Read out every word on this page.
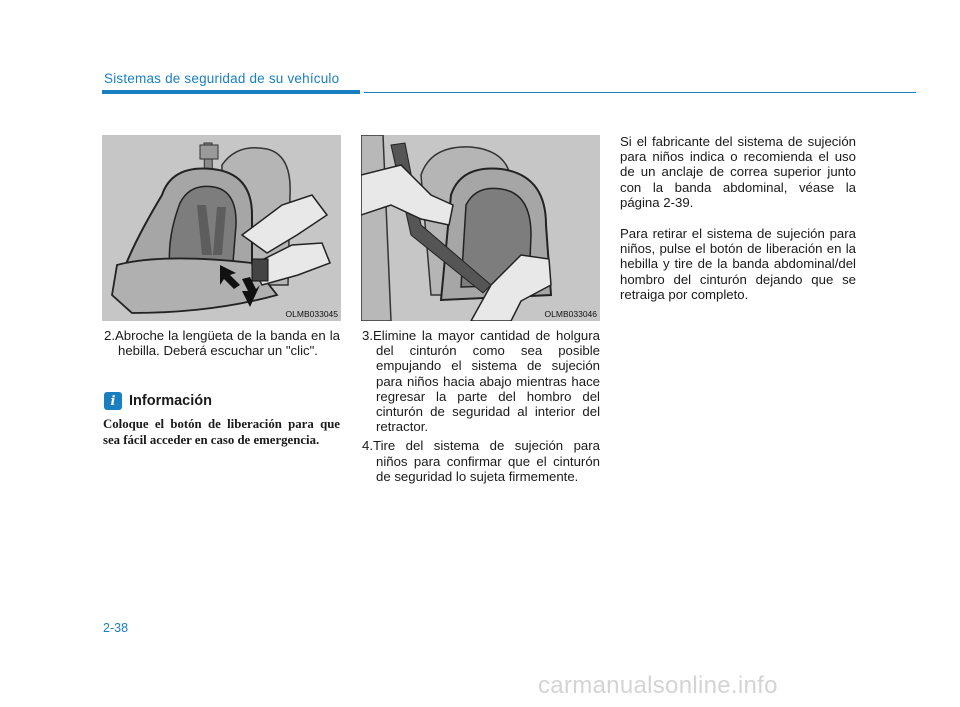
Sistemas de seguridad de su vehículo
OLMB033045	OLMB033046

2.Abroche la lengüeta de la banda en la hebilla. Deberá escuchar un "clic".

i Información
Coloque el botón de liberación para que sea fácil acceder en caso de emergencia.

3.Elimine la mayor cantidad de holgura del cinturón como sea posible empujando el sistema de sujeción para niños hacia abajo mientras hace regresar la parte del hombro del cinturón de seguridad al interior del retractor.

4.Tire del sistema de sujeción para niños para confirmar que el cinturón de seguridad lo sujeta firmemente.

Si el fabricante del sistema de sujeción para niños indica o recomienda el uso de un anclaje de correa superior junto con la banda abdominal, véase la página 2-39.

Para retirar el sistema de sujeción para niños, pulse el botón de liberación en la hebilla y tire de la banda abdominal/del hombro del cinturón dejando que se retraiga por completo.

2-38
carmanualsonline.info
